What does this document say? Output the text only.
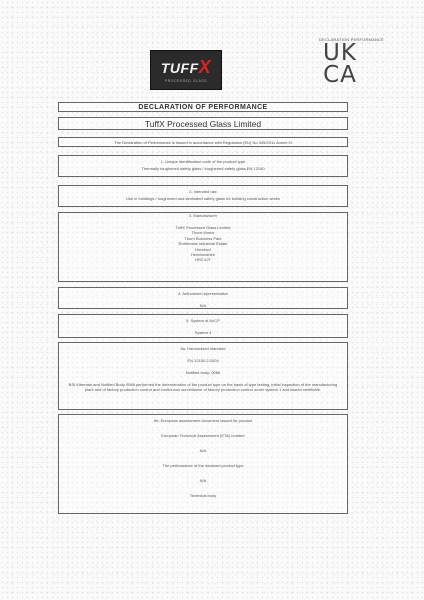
DECLARATION PERFORMANCE
TUFFX
PROCESSED GLASS
UK CA
DECLARATION OF PERFORMANCE
TuffX Processed Glass Limited
The Declaration of Performance is issued in accordance with Regulation (EU) No 305/2011 Annex III
1. Unique identification code of the product type
Thermally toughened safety glass / toughened safety glass EN 12150
2. Intended use
Use in buildings / toughened and laminated safety glass for building construction works
3. Manufacturer
TuffX Processed Glass Limited
Thorn Works
Thorn Business Park
Rotherwas Industrial Estate
Hereford
Herefordshire
HR2 6JT
4. Authorised representative
N/A
5. System of AVCP
System 4
6a. Harmonised standard
EN 12150-2:2004
Notified body: 0086
BSI Kitemark and Notified Body 0086 performed the determination of the product type on the basis of type testing, initial inspection of the manufacturing plant and of factory production control and continuous surveillance of factory production control under system 1 and issued certificate.
6b. European assessment document issued for product
European Technical Assessment (ETA) number
N/A
The performance of the declared product type
N/A
Technical body
